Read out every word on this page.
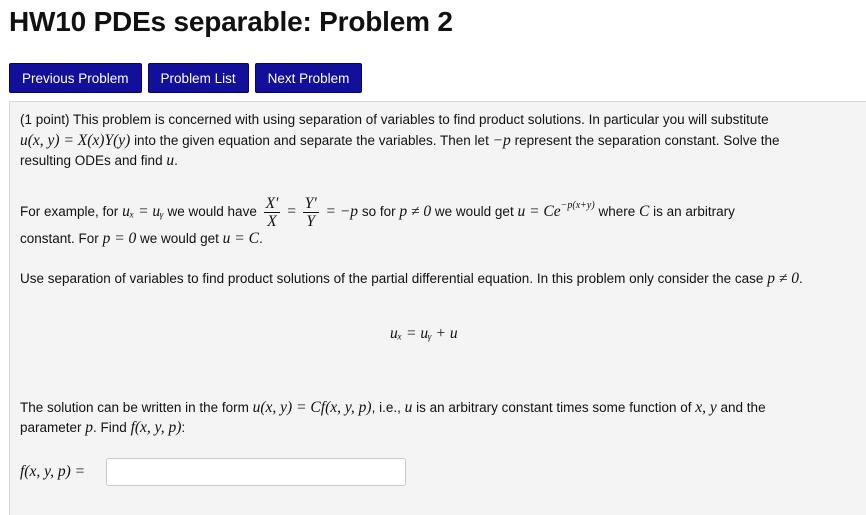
HW10 PDEs separable: Problem 2
Previous Problem	Problem List	Next Problem
(1 point) This problem is concerned with using separation of variables to find product solutions. In particular you will substitute
u(x, y) = X(x)Y(y) into the given equation and separate the variables. Then let −p represent the separation constant. Solve the
resulting ODEs and find u.
For example, for uₓ = uᵧ we would have $\frac{X'}{X} = \frac{Y'}{Y} = -p$ so for p ≠ 0 we would get $u = Ce^{-p(x+y)}$ where C is an arbitrary
constant. For p = 0 we would get u = C.
Use separation of variables to find product solutions of the partial differential equation. In this problem only consider the case p ≠ 0.
uₓ = uᵧ + u
The solution can be written in the form u(x, y) = Cf(x, y, p), i.e., u is an arbitrary constant times some function of x, y and the
parameter p. Find f(x, y, p):
f(x, y, p) =
